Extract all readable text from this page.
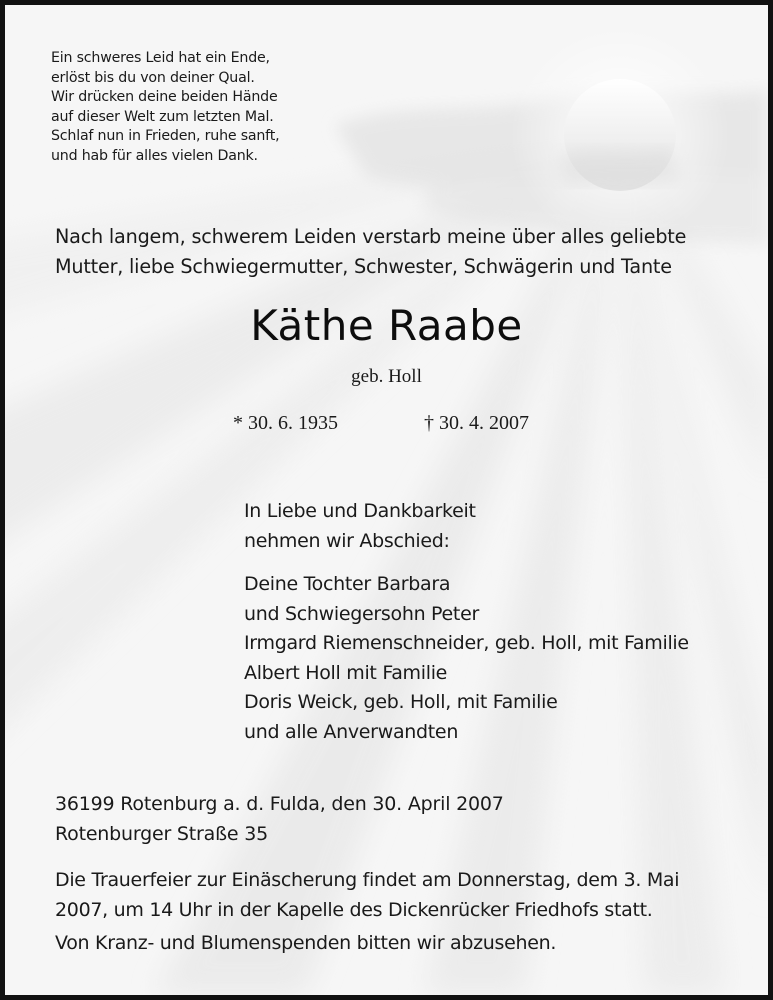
Ein schweres Leid hat ein Ende,
erlöst bis du von deiner Qual.
Wir drücken deine beiden Hände
auf dieser Welt zum letzten Mal.
Schlaf nun in Frieden, ruhe sanft,
und hab für alles vielen Dank.
Nach langem, schwerem Leiden verstarb meine über alles geliebte
Mutter, liebe Schwiegermutter, Schwester, Schwägerin und Tante
Käthe Raabe
geb. Holl
* 30. 6. 1935	† 30. 4. 2007
In Liebe und Dankbarkeit
nehmen wir Abschied:
Deine Tochter Barbara
und Schwiegersohn Peter
Irmgard Riemenschneider, geb. Holl, mit Familie
Albert Holl mit Familie
Doris Weick, geb. Holl, mit Familie
und alle Anverwandten
36199 Rotenburg a. d. Fulda, den 30. April 2007
Rotenburger Straße 35
Die Trauerfeier zur Einäscherung findet am Donnerstag, dem 3. Mai
2007, um 14 Uhr in der Kapelle des Dickenrücker Friedhofs statt.
Von Kranz- und Blumenspenden bitten wir abzusehen.
